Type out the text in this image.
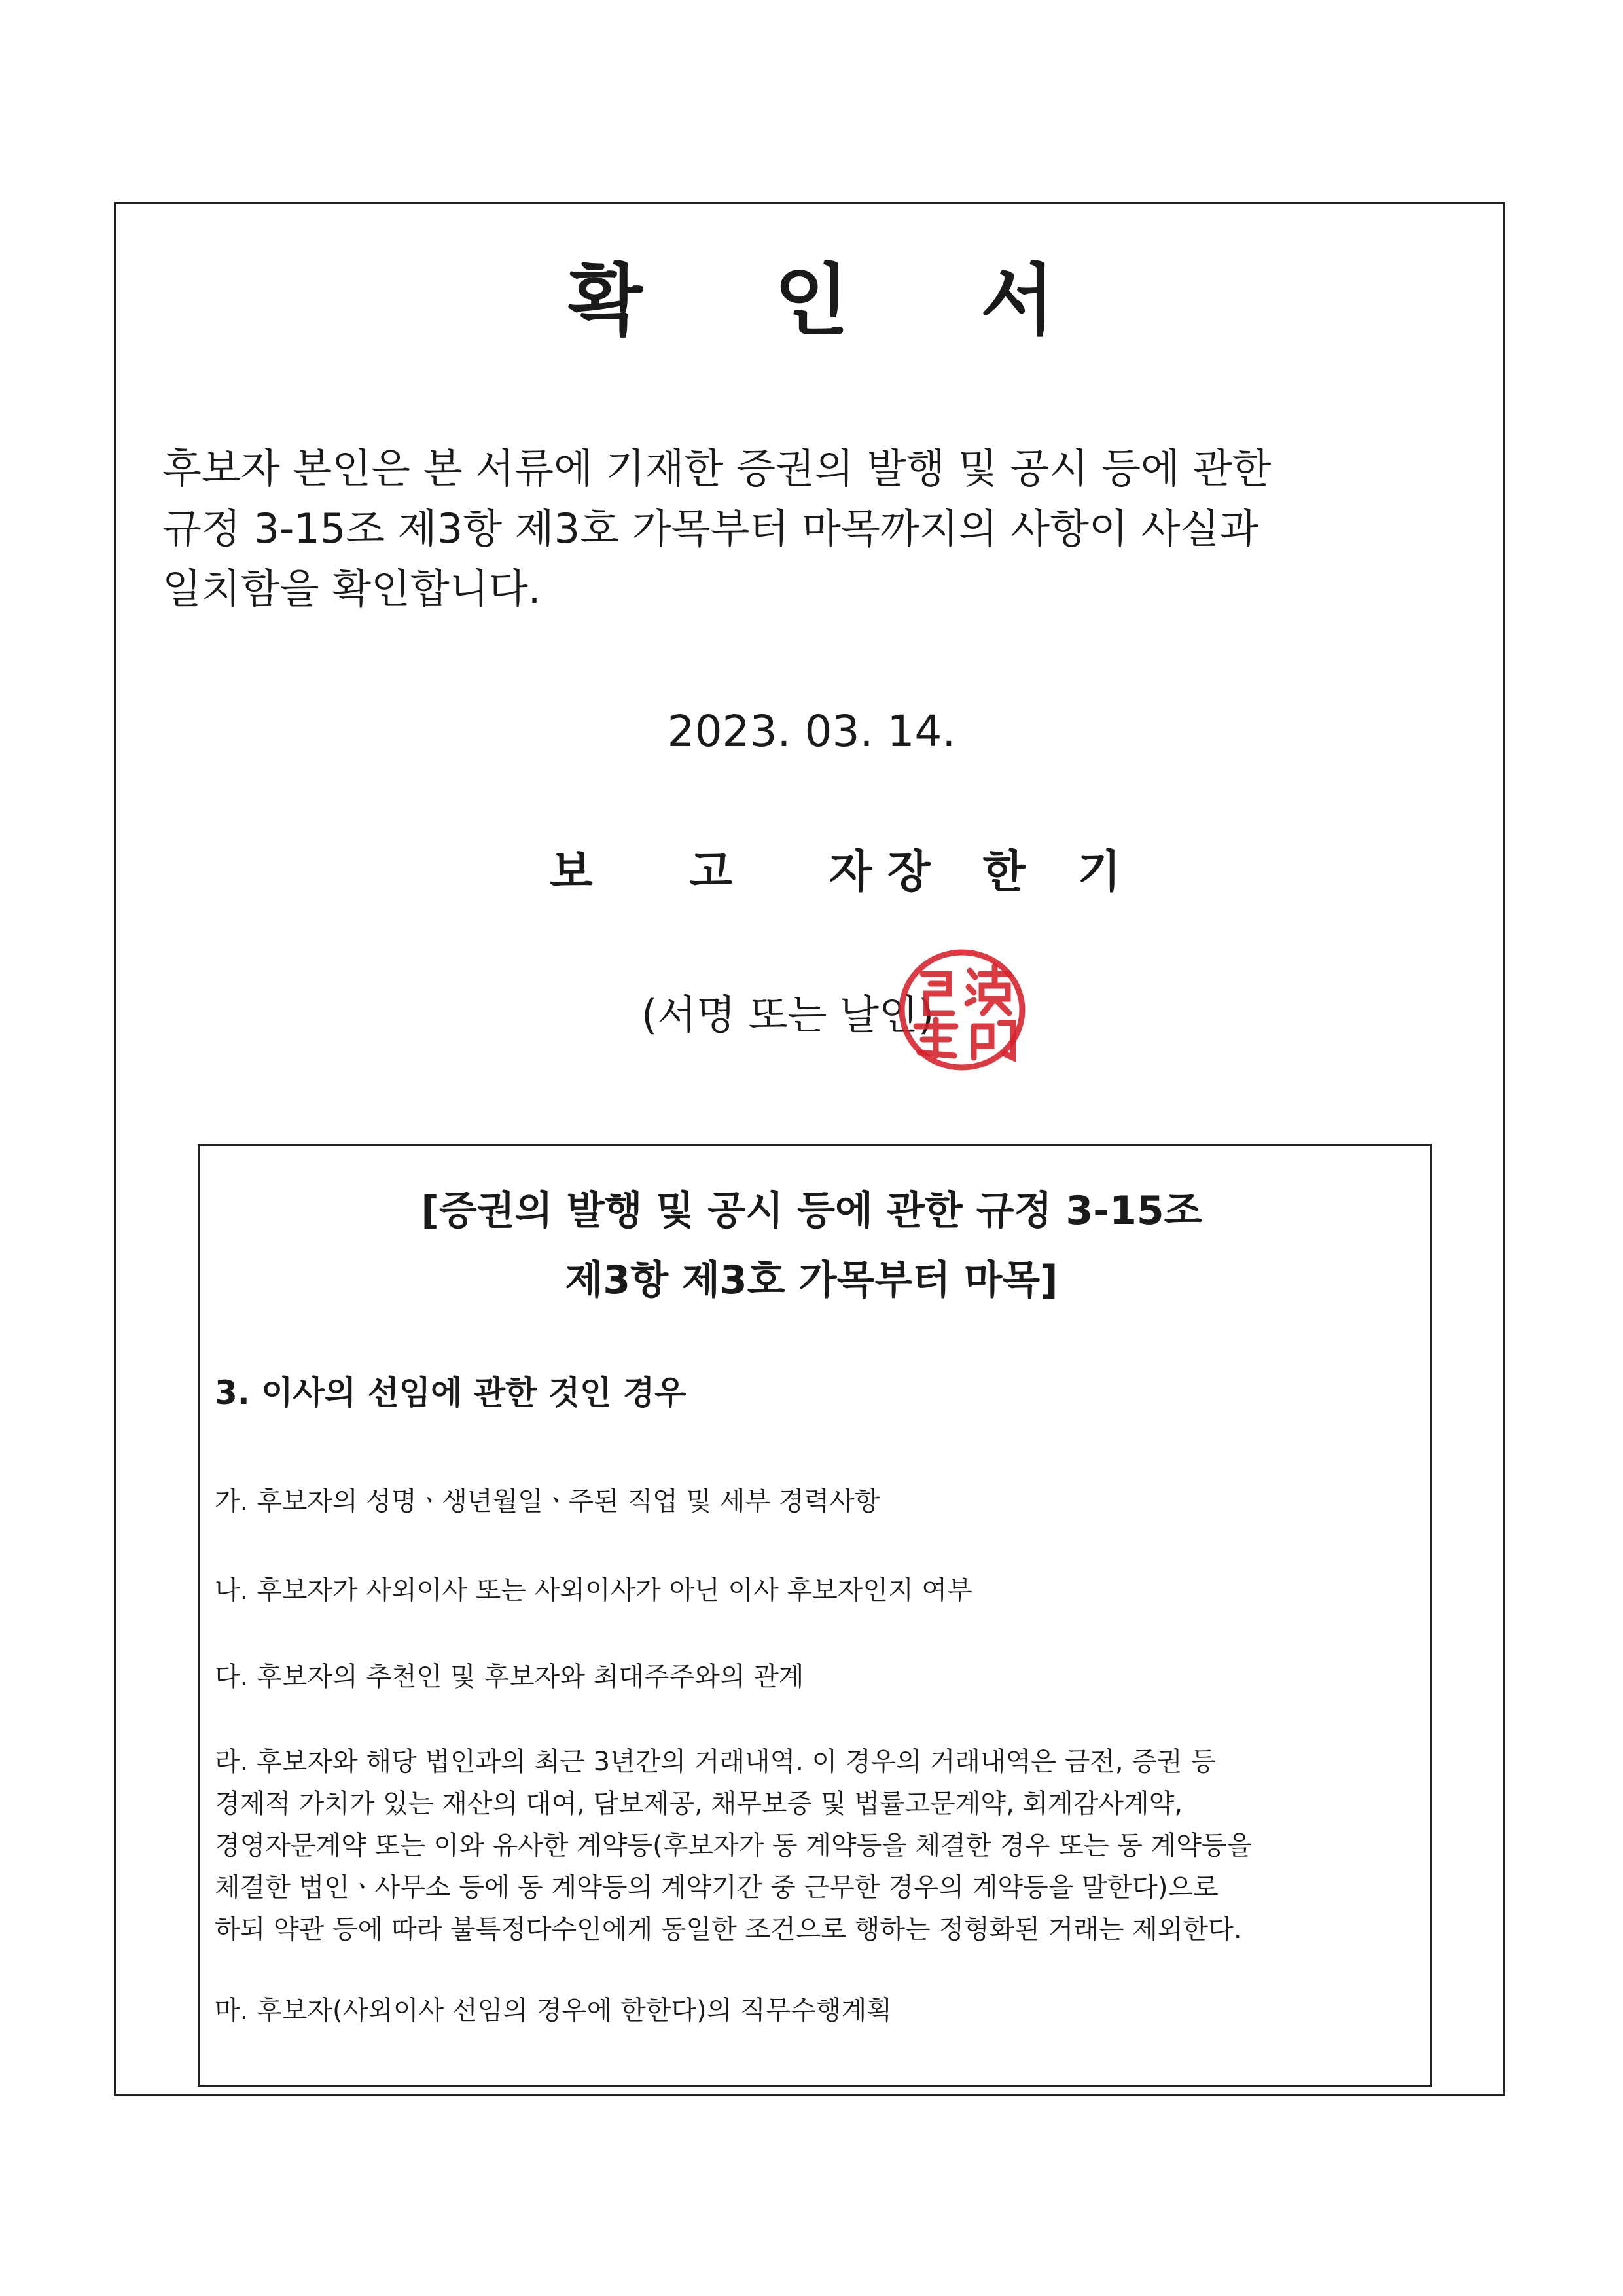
확 인 서

후보자 본인은 본 서류에 기재한 증권의 발행 및 공시 등에 관한
규정 3-15조 제3항 제3호 가목부터 마목까지의 사항이 사실과
일치함을 확인합니다.

2023. 03. 14.
보 고 자
장 한 기
(서명 또는 날인)
[증권의 발행 및 공시 등에 관한 규정 3-15조
제3항 제3호 가목부터 마목]
3. 이사의 선임에 관한 것인 경우
가. 후보자의 성명ㆍ생년월일ㆍ주된 직업 및 세부 경력사항
나. 후보자가 사외이사 또는 사외이사가 아닌 이사 후보자인지 여부
다. 후보자의 추천인 및 후보자와 최대주주와의 관계
라. 후보자와 해당 법인과의 최근 3년간의 거래내역. 이 경우의 거래내역은 금전, 증권 등
경제적 가치가 있는 재산의 대여, 담보제공, 채무보증 및 법률고문계약, 회계감사계약,
경영자문계약 또는 이와 유사한 계약등(후보자가 동 계약등을 체결한 경우 또는 동 계약등을
체결한 법인ㆍ사무소 등에 동 계약등의 계약기간 중 근무한 경우의 계약등을 말한다)으로
하되 약관 등에 따라 불특정다수인에게 동일한 조건으로 행하는 정형화된 거래는 제외한다.
마. 후보자(사외이사 선임의 경우에 한한다)의 직무수행계획
